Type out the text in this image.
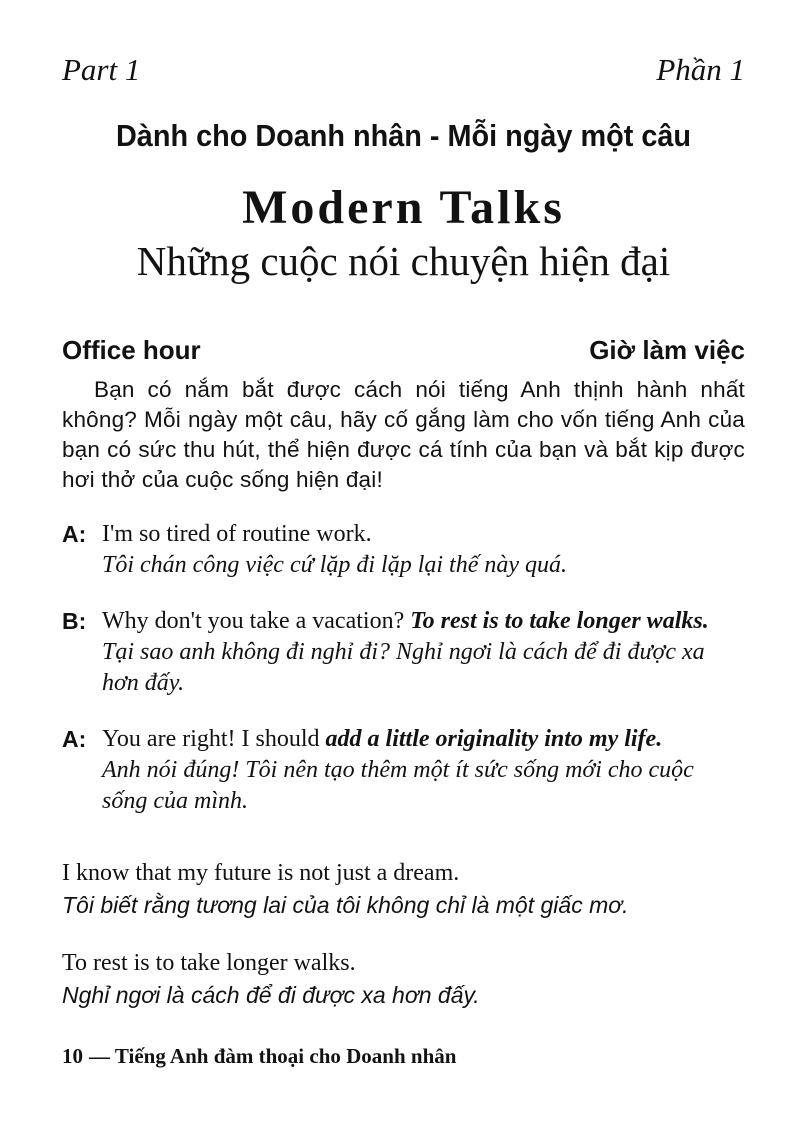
Part 1	Phần 1
Dành cho Doanh nhân - Mỗi ngày một câu
Modern Talks
Những cuộc nói chuyện hiện đại
Office hour	Giờ làm việc

Bạn có nắm bắt được cách nói tiếng Anh thịnh hành nhất không? Mỗi ngày một câu, hãy cố gắng làm cho vốn tiếng Anh của bạn có sức thu hút, thể hiện được cá tính của bạn và bắt kịp được hơi thở của cuộc sống hiện đại!

A: I'm so tired of routine work.
Tôi chán công việc cứ lặp đi lặp lại thế này quá.
B: Why don't you take a vacation? To rest is to take longer walks.
Tại sao anh không đi nghỉ đi? Nghỉ ngơi là cách để đi được xa hơn đấy.
A: You are right! I should add a little originality into my life.
Anh nói đúng! Tôi nên tạo thêm một ít sức sống mới cho cuộc sống của mình.
I know that my future is not just a dream.
Tôi biết rằng tương lai của tôi không chỉ là một giấc mơ.
To rest is to take longer walks.
Nghỉ ngơi là cách để đi được xa hơn đấy.
10 — Tiếng Anh đàm thoại cho Doanh nhân
